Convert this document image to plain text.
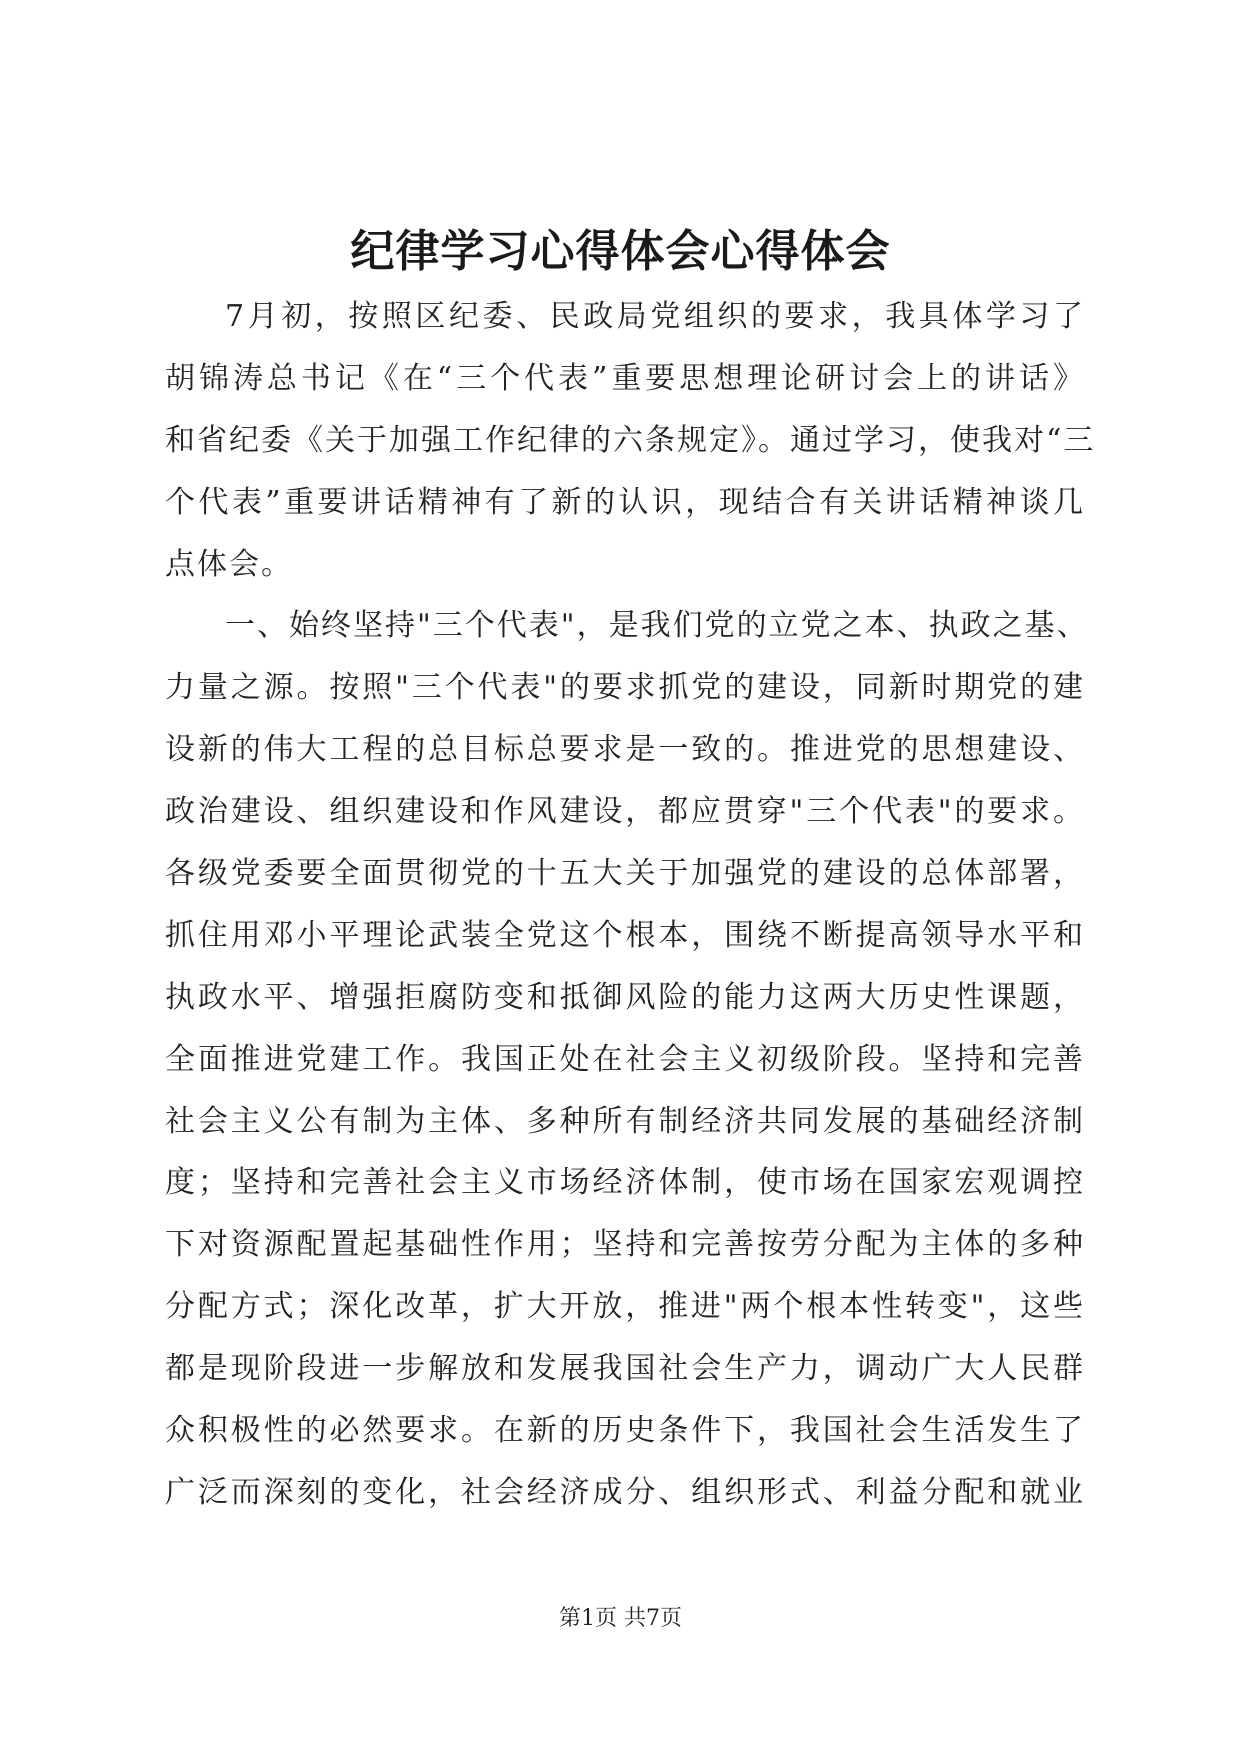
纪律学习心得体会心得体会
7月初，按照区纪委、民政局党组织的要求，我具体学习了
胡锦涛总书记《在“三个代表”重要思想理论研讨会上的讲话》
和省纪委《关于加强工作纪律的六条规定》。通过学习，使我对“三
个代表”重要讲话精神有了新的认识，现结合有关讲话精神谈几
点体会。
一、始终坚持"三个代表"，是我们党的立党之本、执政之基、
力量之源。按照"三个代表"的要求抓党的建设，同新时期党的建
设新的伟大工程的总目标总要求是一致的。推进党的思想建设、
政治建设、组织建设和作风建设，都应贯穿"三个代表"的要求。
各级党委要全面贯彻党的十五大关于加强党的建设的总体部署，
抓住用邓小平理论武装全党这个根本，围绕不断提高领导水平和
执政水平、增强拒腐防变和抵御风险的能力这两大历史性课题，
全面推进党建工作。我国正处在社会主义初级阶段。坚持和完善
社会主义公有制为主体、多种所有制经济共同发展的基础经济制
度；坚持和完善社会主义市场经济体制，使市场在国家宏观调控
下对资源配置起基础性作用；坚持和完善按劳分配为主体的多种
分配方式；深化改革，扩大开放，推进"两个根本性转变"，这些
都是现阶段进一步解放和发展我国社会生产力，调动广大人民群
众积极性的必然要求。在新的历史条件下，我国社会生活发生了
广泛而深刻的变化，社会经济成分、组织形式、利益分配和就业
第1页 共7页
